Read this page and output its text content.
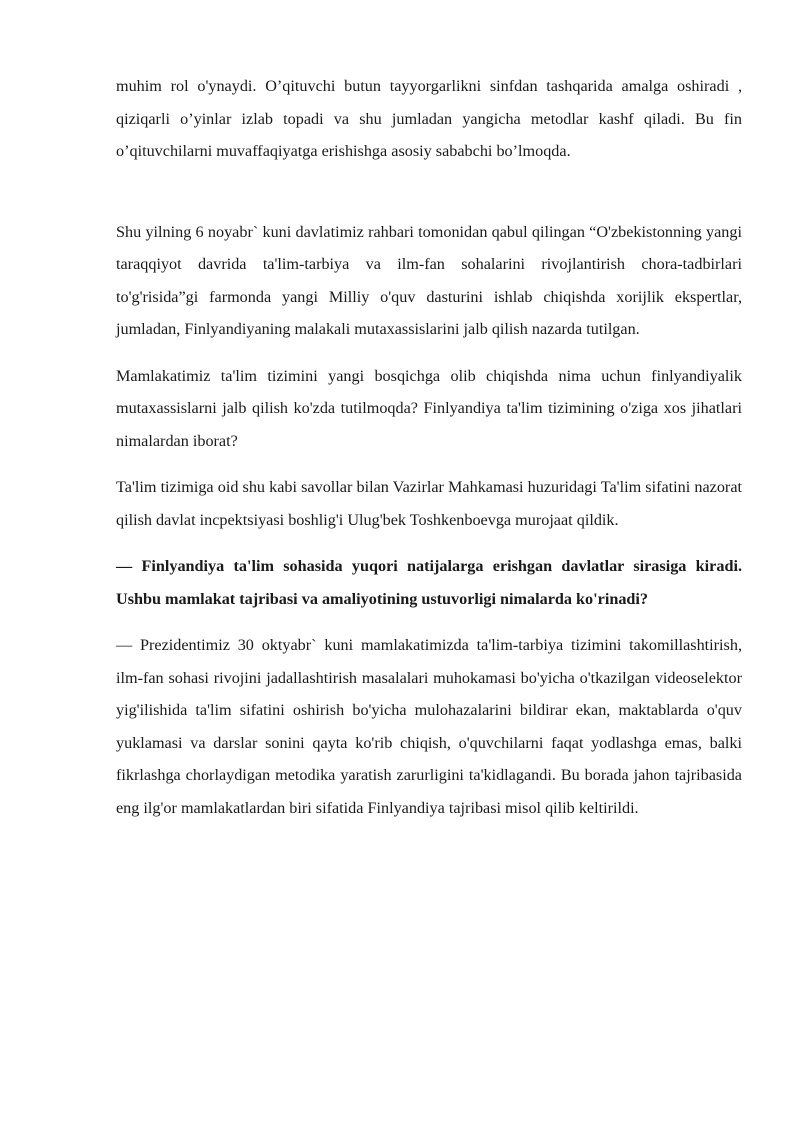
muhim rol o'ynaydi. O’qituvchi butun tayyorgarlikni sinfdan tashqarida amalga oshiradi , qiziqarli o’yinlar izlab topadi va shu jumladan yangicha metodlar kashf qiladi. Bu fin o’qituvchilarni muvaffaqiyatga erishishga asosiy sababchi bo’lmoqda.

Shu yilning 6 noyabr` kuni davlatimiz rahbari tomonidan qabul qilingan “O'zbekistonning yangi taraqqiyot davrida ta'lim-tarbiya va ilm-fan sohalarini rivojlantirish chora-tadbirlari to'g'risida”gi farmonda yangi Milliy o'quv dasturini ishlab chiqishda xorijlik ekspertlar, jumladan, Finlyandiyaning malakali mutaxassislarini jalb qilish nazarda tutilgan.

Mamlakatimiz ta'lim tizimini yangi bosqichga olib chiqishda nima uchun finlyandiyalik mutaxassislarni jalb qilish ko'zda tutilmoqda? Finlyandiya ta'lim tizimining o'ziga xos jihatlari nimalardan iborat?

Ta'lim tizimiga oid shu kabi savollar bilan Vazirlar Mahkamasi huzuridagi Ta'lim sifatini nazorat qilish davlat incpektsiyasi boshlig'i Ulug'bek Toshkenboevga murojaat qildik.

— Finlyandiya ta'lim sohasida yuqori natijalarga erishgan davlatlar sirasiga kiradi. Ushbu mamlakat tajribasi va amaliyotining ustuvorligi nimalarda ko'rinadi?

— Prezidentimiz 30 oktyabr` kuni mamlakatimizda ta'lim-tarbiya tizimini takomillashtirish, ilm-fan sohasi rivojini jadallashtirish masalalari muhokamasi bo'yicha o'tkazilgan videoselektor yig'ilishida ta'lim sifatini oshirish bo'yicha mulohazalarini bildirar ekan, maktablarda o'quv yuklamasi va darslar sonini qayta ko'rib chiqish, o'quvchilarni faqat yodlashga emas, balki fikrlashga chorlaydigan metodika yaratish zarurligini ta'kidlagandi. Bu borada jahon tajribasida eng ilg'or mamlakatlardan biri sifatida Finlyandiya tajribasi misol qilib keltirildi.
